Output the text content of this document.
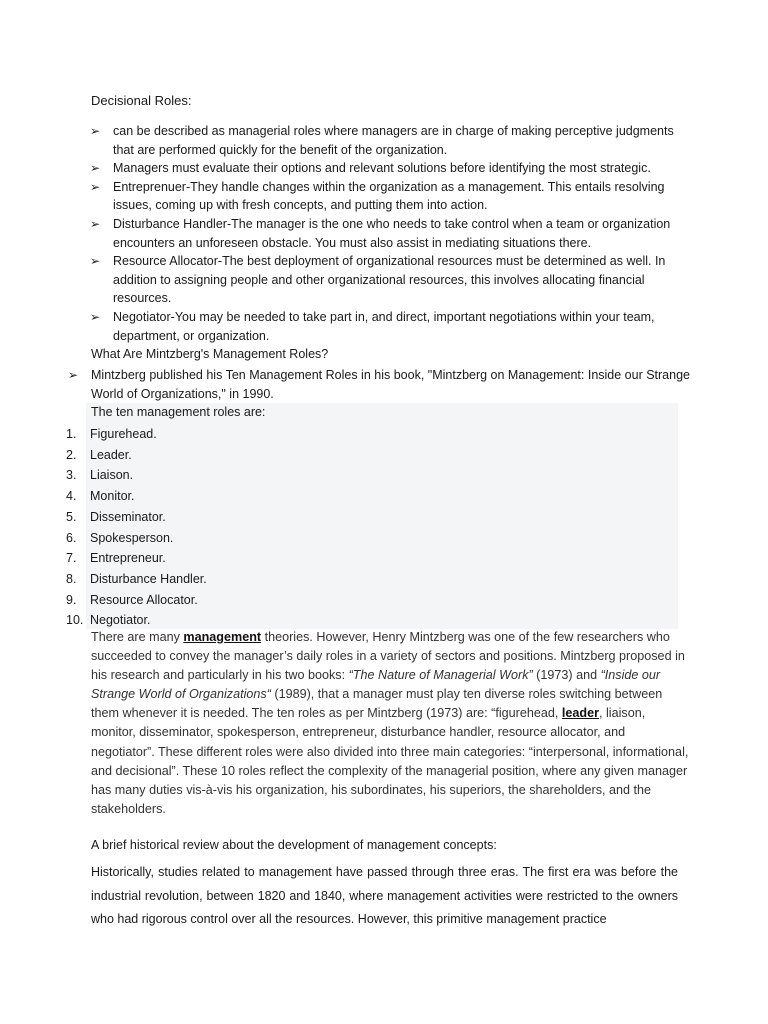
Decisional Roles:

➢ can be described as managerial roles where managers are in charge of making perceptive judgments that are performed quickly for the benefit of the organization.

➢ Managers must evaluate their options and relevant solutions before identifying the most strategic.

➢ Entreprenuer-They handle changes within the organization as a management. This entails resolving issues, coming up with fresh concepts, and putting them into action.

➢ Disturbance Handler-The manager is the one who needs to take control when a team or organization encounters an unforeseen obstacle. You must also assist in mediating situations there.

➢ Resource Allocator-The best deployment of organizational resources must be determined as well. In addition to assigning people and other organizational resources, this involves allocating financial resources.

➢ Negotiator-You may be needed to take part in, and direct, important negotiations within your team, department, or organization.

What Are Mintzberg's Management Roles?
➢ Mintzberg published his Ten Management Roles in his book, "Mintzberg on Management: Inside our Strange World of Organizations," in 1990.
The ten management roles are:
1. Figurehead.
2. Leader.
3. Liaison.
4. Monitor.
5. Disseminator.
6. Spokesperson.
7. Entrepreneur.
8. Disturbance Handler.
9. Resource Allocator.
10. Negotiator.
There are many management theories. However, Henry Mintzberg was one of the few researchers who succeeded to convey the manager’s daily roles in a variety of sectors and positions. Mintzberg proposed in his research and particularly in his two books: “The Nature of Managerial Work” (1973) and “Inside our Strange World of Organizations“ (1989), that a manager must play ten diverse roles switching between them whenever it is needed. The ten roles as per Mintzberg (1973) are: “figurehead, leader, liaison, monitor, disseminator, spokesperson, entrepreneur, disturbance handler, resource allocator, and negotiator”. These different roles were also divided into three main categories: “interpersonal, informational, and decisional”. These 10 roles reflect the complexity of the managerial position, where any given manager has many duties vis-à-vis his organization, his subordinates, his superiors, the shareholders, and the stakeholders.
A brief historical review about the development of management concepts:
Historically, studies related to management have passed through three eras. The first era was before the industrial revolution, between 1820 and 1840, where management activities were restricted to the owners who had rigorous control over all the resources. However, this primitive management practice
